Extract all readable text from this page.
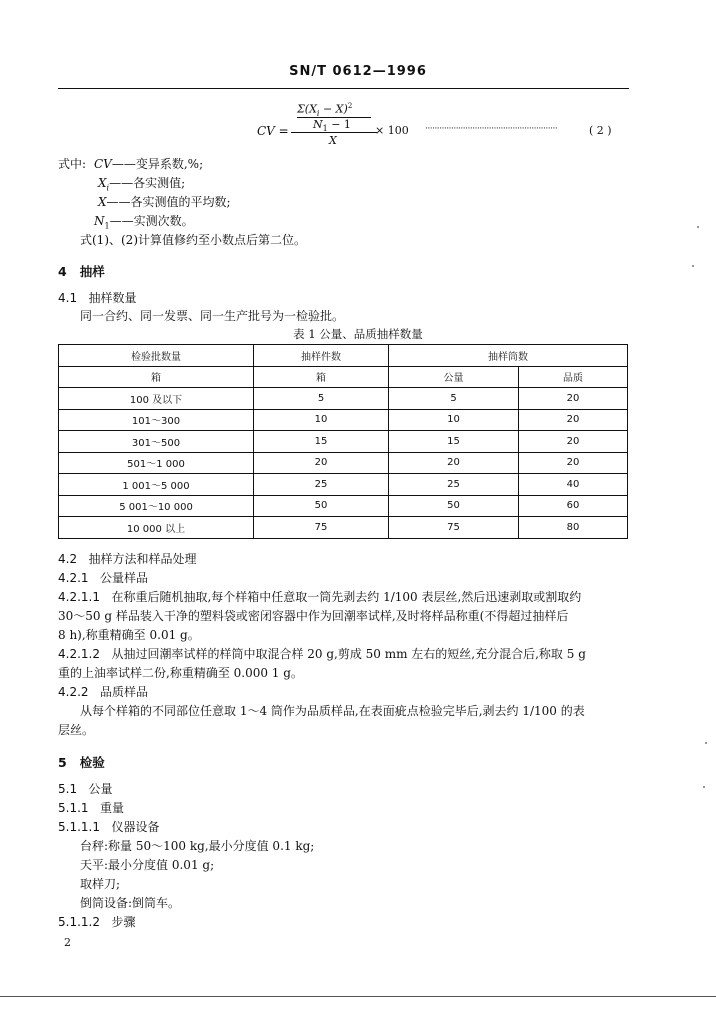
SN/T 0612—1996
CV =
$\Sigma(X_i - X)^2$
$N_1 - 1$
X
× 100 ························································	( 2 )
式中: CV——变异系数,%;
$X_i——$各实测值;
X——各实测值的平均数;
$N_1——$实测次数。
式(1)、(2)计算值修约至小数点后第二位。
4 抽样
4.1 抽样数量
同一合约、同一发票、同一生产批号为一检验批。
表 1 公量、品质抽样数量
检验批数量	抽样件数	抽样筒数	
箱	箱	公量	品质
100 及以下	5	5	20
101～300	10	10	20
301～500	15	15	20
501～1 000	20	20	20
1 001～5 000	25	25	40
5 001～10 000	50	50	60
10 000 以上	75	75	80
4.2 抽样方法和样品处理
4.2.1 公量样品
4.2.1.1 在称重后随机抽取,每个样箱中任意取一筒先剥去约 1/100 表层丝,然后迅速剥取或割取约
30～50 g 样品装入干净的塑料袋或密闭容器中作为回潮率试样,及时将样品称重(不得超过抽样后
8 h),称重精确至 0.01 g。
4.2.1.2 从抽过回潮率试样的样筒中取混合样 20 g,剪成 50 mm 左右的短丝,充分混合后,称取 5 g
重的上油率试样二份,称重精确至 0.000 1 g。
4.2.2 品质样品
从每个样箱的不同部位任意取 1～4 筒作为品质样品,在表面疵点检验完毕后,剥去约 1/100 的表
层丝。
5 检验
5.1 公量
5.1.1 重量
5.1.1.1 仪器设备
台秤:称量 50～100 kg,最小分度值 0.1 kg;
天平:最小分度值 0.01 g;
取样刀;
倒筒设备:倒筒车。
5.1.1.2 步骤
2
